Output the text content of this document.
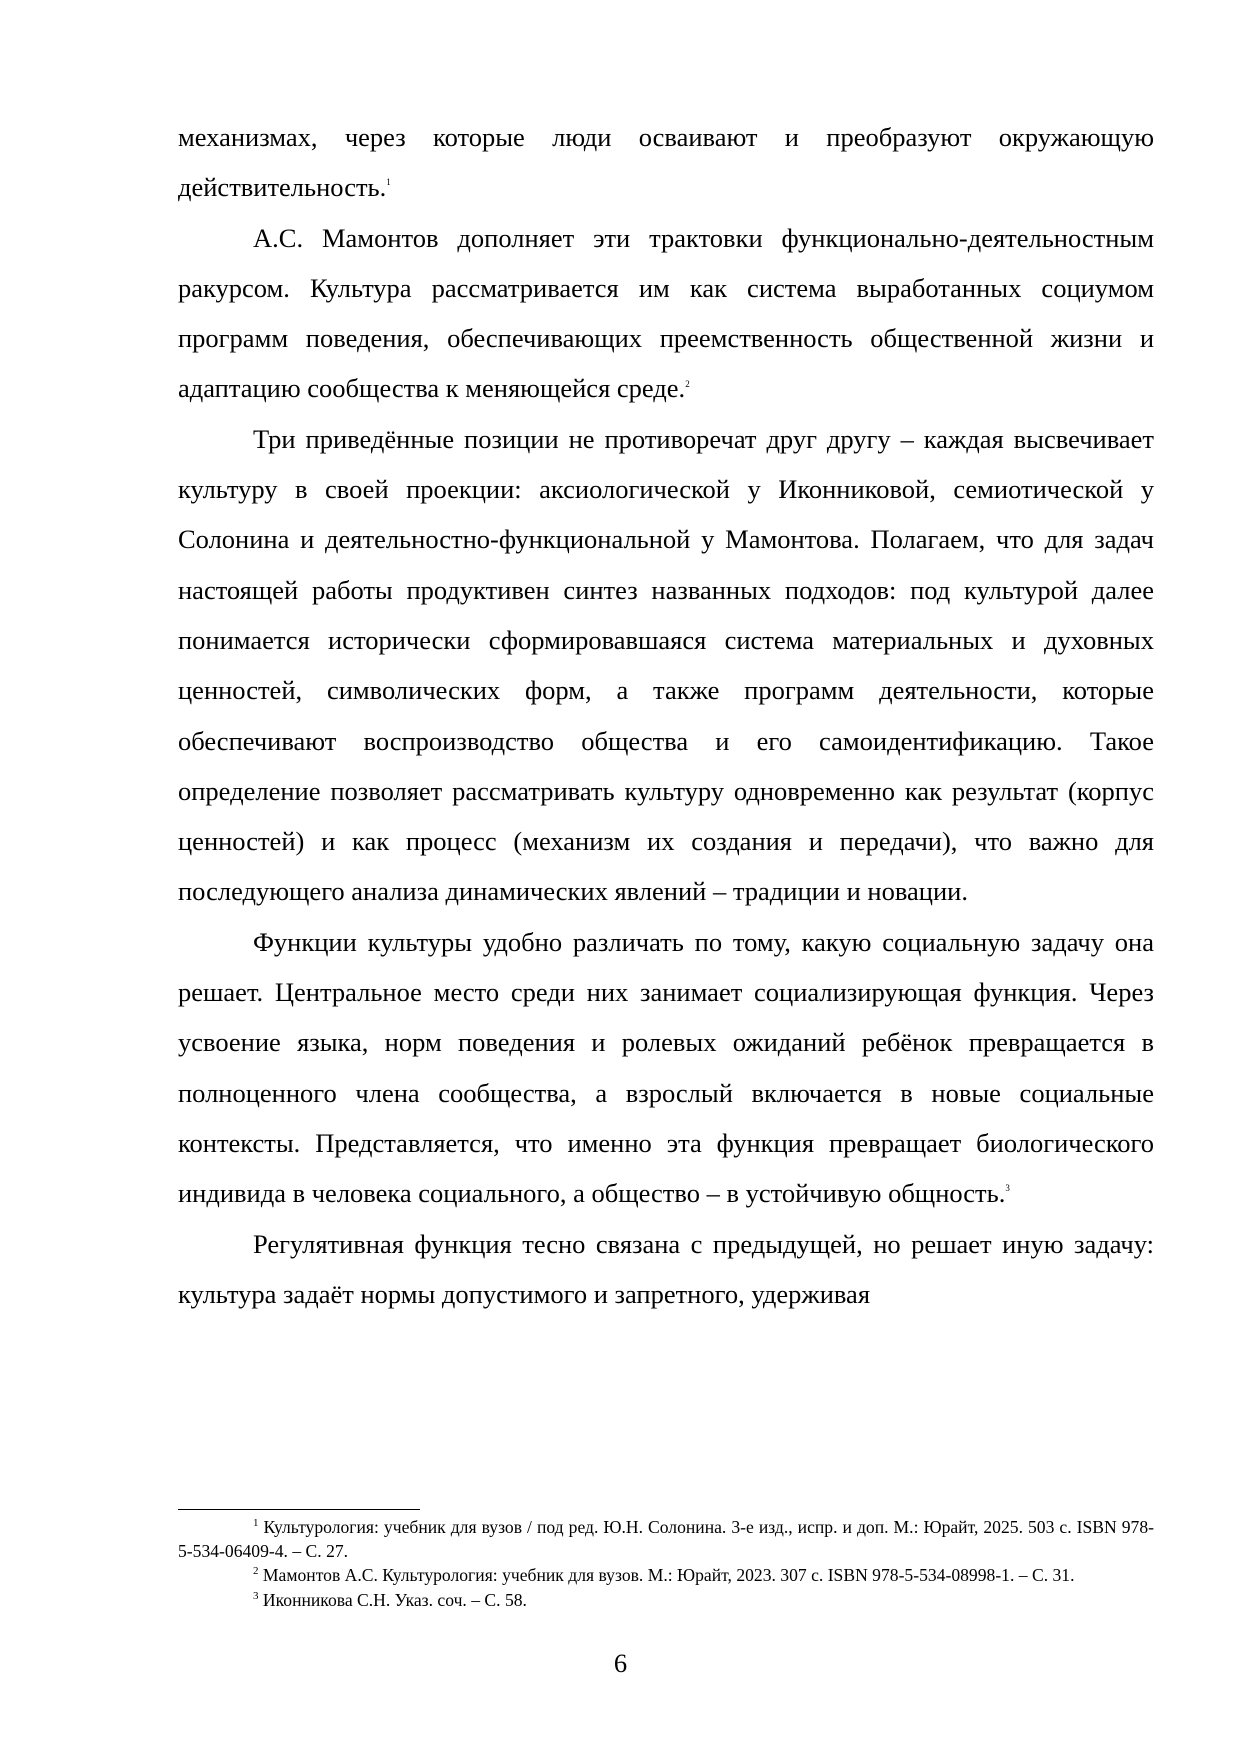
механизмах, через которые люди осваивают и преобразуют окружающую действительность.$^1$

А.С. Мамонтов дополняет эти трактовки функционально-деятельностным ракурсом. Культура рассматривается им как система выработанных социумом программ поведения, обеспечивающих преемственность общественной жизни и адаптацию сообщества к меняющейся среде.$^2$

Три приведённые позиции не противоречат друг другу – каждая высвечивает культуру в своей проекции: аксиологической у Иконниковой, семиотической у Солонина и деятельностно-функциональной у Мамонтова. Полагаем, что для задач настоящей работы продуктивен синтез названных подходов: под культурой далее понимается исторически сформировавшаяся система материальных и духовных ценностей, символических форм, а также программ деятельности, которые обеспечивают воспроизводство общества и его самоидентификацию. Такое определение позволяет рассматривать культуру одновременно как результат (корпус ценностей) и как процесс (механизм их создания и передачи), что важно для последующего анализа динамических явлений – традиции и новации.

Функции культуры удобно различать по тому, какую социальную задачу она решает. Центральное место среди них занимает социализирующая функция. Через усвоение языка, норм поведения и ролевых ожиданий ребёнок превращается в полноценного члена сообщества, а взрослый включается в новые социальные контексты. Представляется, что именно эта функция превращает биологического индивида в человека социального, а общество – в устойчивую общность.$^3$

Регулятивная функция тесно связана с предыдущей, но решает иную задачу: культура задаёт нормы допустимого и запретного, удерживая

$^1$ Культурология: учебник для вузов / под ред. Ю.Н. Солонина. 3-е изд., испр. и доп. М.: Юрайт, 2025. 503 с. ISBN 978-5-534-06409-4. – С. 27.

$^2$ Мамонтов А.С. Культурология: учебник для вузов. М.: Юрайт, 2023. 307 с. ISBN 978-5-534-08998-1. – С. 31.

$^3$ Иконникова С.Н. Указ. соч. – С. 58.

6
